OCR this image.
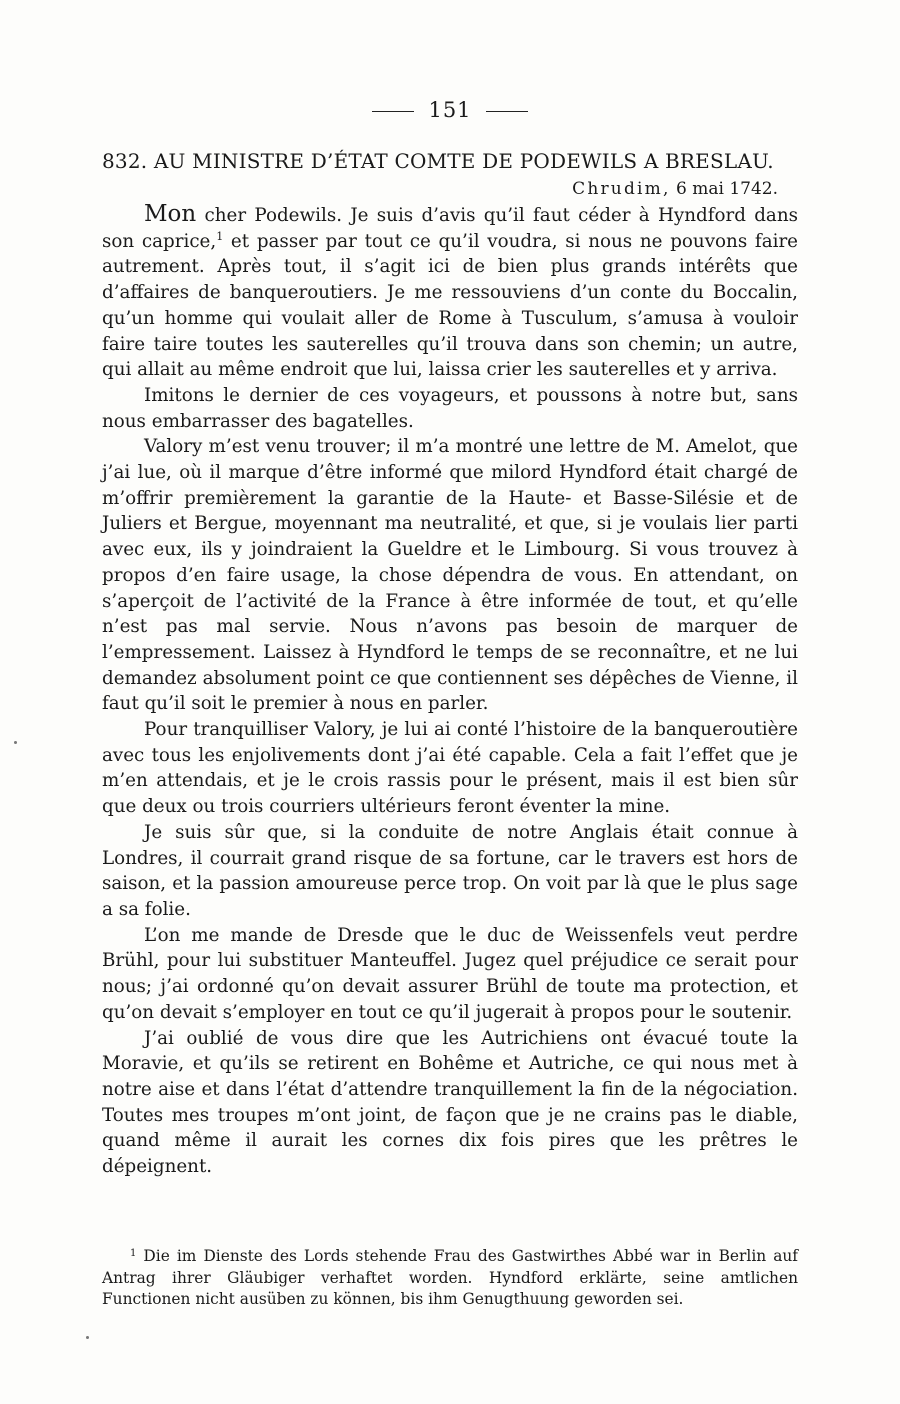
151
832. AU MINISTRE D’ÉTAT COMTE DE PODEWILS A BRESLAU.
Chrudim, 6 mai 1742.

Mon cher Podewils. Je suis d’avis qu’il faut céder à Hyndford dans son caprice,$^1$ et passer par tout ce qu’il voudra, si nous ne pouvons faire autrement. Après tout, il s’agit ici de bien plus grands intérêts que d’affaires de banqueroutiers. Je me ressouviens d’un conte du Boccalin, qu’un homme qui voulait aller de Rome à Tusculum, s’amusa à vouloir faire taire toutes les sauterelles qu’il trouva dans son chemin; un autre, qui allait au même endroit que lui, laissa crier les sauterelles et y arriva.

Imitons le dernier de ces voyageurs, et poussons à notre but, sans nous embarrasser des bagatelles.

Valory m’est venu trouver; il m’a montré une lettre de M. Amelot, que j’ai lue, où il marque d’être informé que milord Hyndford était chargé de m’offrir premièrement la garantie de la Haute- et Basse-Silésie et de Juliers et Bergue, moyennant ma neutralité, et que, si je voulais lier parti avec eux, ils y joindraient la Gueldre et le Limbourg. Si vous trouvez à propos d’en faire usage, la chose dépendra de vous. En attendant, on s’aperçoit de l’activité de la France à être informée de tout, et qu’elle n’est pas mal servie. Nous n’avons pas besoin de marquer de l’empressement. Laissez à Hyndford le temps de se reconnaître, et ne lui demandez absolument point ce que contiennent ses dépêches de Vienne, il faut qu’il soit le premier à nous en parler.

Pour tranquilliser Valory, je lui ai conté l’histoire de la banqueroutière avec tous les enjolivements dont j’ai été capable. Cela a fait l’effet que je m’en attendais, et je le crois rassis pour le présent, mais il est bien sûr que deux ou trois courriers ultérieurs feront éventer la mine.

Je suis sûr que, si la conduite de notre Anglais était connue à Londres, il courrait grand risque de sa fortune, car le travers est hors de saison, et la passion amoureuse perce trop. On voit par là que le plus sage a sa folie.

L’on me mande de Dresde que le duc de Weissenfels veut perdre Brühl, pour lui substituer Manteuffel. Jugez quel préjudice ce serait pour nous; j’ai ordonné qu’on devait assurer Brühl de toute ma protection, et qu’on devait s’employer en tout ce qu’il jugerait à propos pour le soutenir.

J’ai oublié de vous dire que les Autrichiens ont évacué toute la Moravie, et qu’ils se retirent en Bohême et Autriche, ce qui nous met à notre aise et dans l’état d’attendre tranquillement la fin de la négociation. Toutes mes troupes m’ont joint, de façon que je ne crains pas le diable, quand même il aurait les cornes dix fois pires que les prêtres le dépeignent.

$^1$ Die im Dienste des Lords stehende Frau des Gastwirthes Abbé war in Berlin auf Antrag ihrer Gläubiger verhaftet worden. Hyndford erklärte, seine amtlichen Functionen nicht ausüben zu können, bis ihm Genugthuung geworden sei.
